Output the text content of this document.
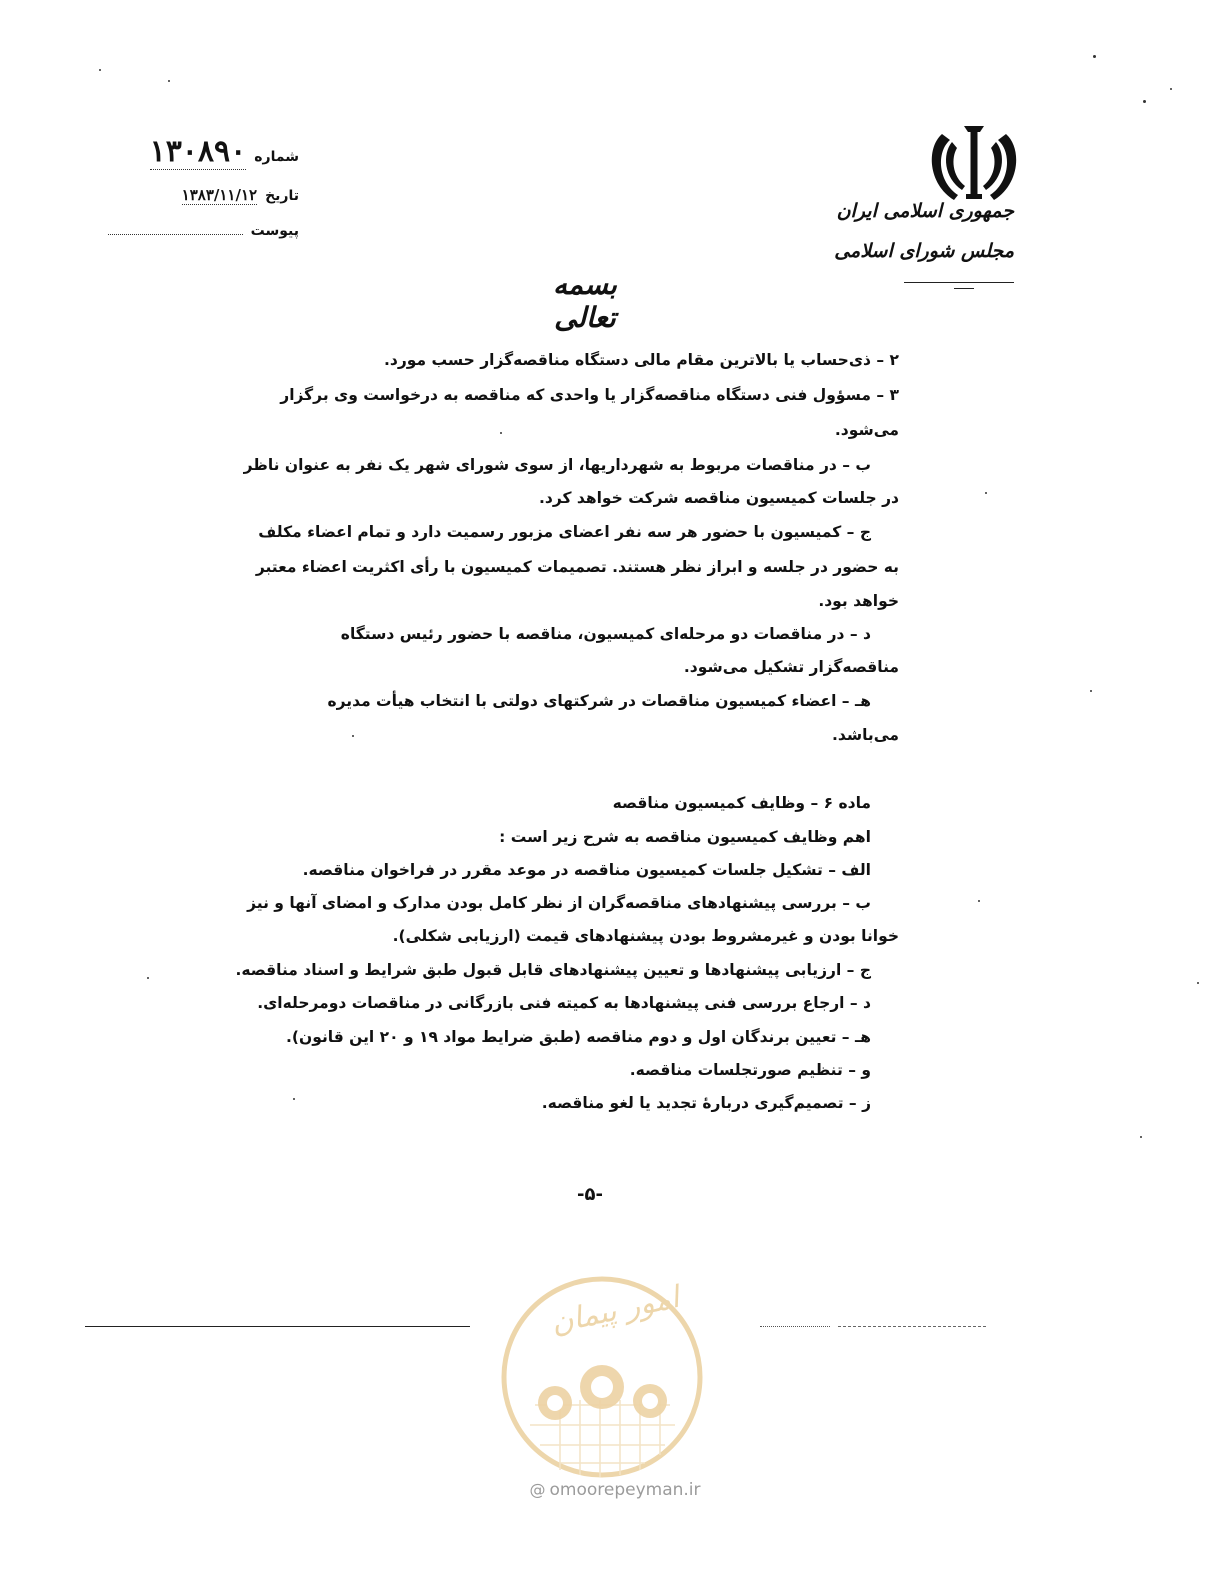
جمهوری اسلامی ایران
مجلس شورای اسلامی
شماره
۱۳۰۸۹۰
تاریخ
۱۳۸۳/۱۱/۱۲
پیوست
بسمه تعالی
۲ – ذی‌حساب یا بالاترین مقام مالی دستگاه مناقصه‌گزار حسب مورد.
۳ – مسؤول فنی دستگاه مناقصه‌گزار یا واحدی که مناقصه به درخواست وی برگزار
می‌شود.
ب – در مناقصات مربوط به شهرداریها، از سوی شورای شهر یک نفر به عنوان ناظر
در جلسات کمیسیون مناقصه شرکت خواهد کرد.
ج – کمیسیون با حضور هر سه نفر اعضای مزبور رسمیت دارد و تمام اعضاء مکلف
به حضور در جلسه و ابراز نظر هستند. تصمیمات کمیسیون با رأی اکثریت اعضاء معتبر
خواهد بود.
د – در مناقصات دو مرحله‌ای کمیسیون، مناقصه با حضور رئیس دستگاه
مناقصه‌گزار تشکیل می‌شود.
هـ – اعضاء کمیسیون مناقصات در شرکتهای دولتی با انتخاب هیأت مدیره
می‌باشد.
ماده ۶ – وظایف کمیسیون مناقصه
اهم وظایف کمیسیون مناقصه به شرح زیر است :
الف – تشکیل جلسات کمیسیون مناقصه در موعد مقرر در فراخوان مناقصه.
ب – بررسی پیشنهادهای مناقصه‌گران از نظر کامل بودن مدارک و امضای آنها و نیز
خوانا بودن و غیرمشروط بودن پیشنهادهای قیمت (ارزیابی شکلی).
ج – ارزیابی پیشنهادها و تعیین پیشنهادهای قابل قبول طبق شرایط و اسناد مناقصه.
د – ارجاع بررسی فنی پیشنهادها به کمیته فنی بازرگانی در مناقصات دومرحله‌ای.
هـ – تعیین برندگان اول و دوم مناقصه (طبق ضرایط مواد ۱۹ و ۲۰ این قانون).
و – تنظیم صورتجلسات مناقصه.
ز – تصمیم‌گیری دربارهٔ تجدید یا لغو مناقصه.
-۵-
امور پیمان
@ omoorepeyman.ir
